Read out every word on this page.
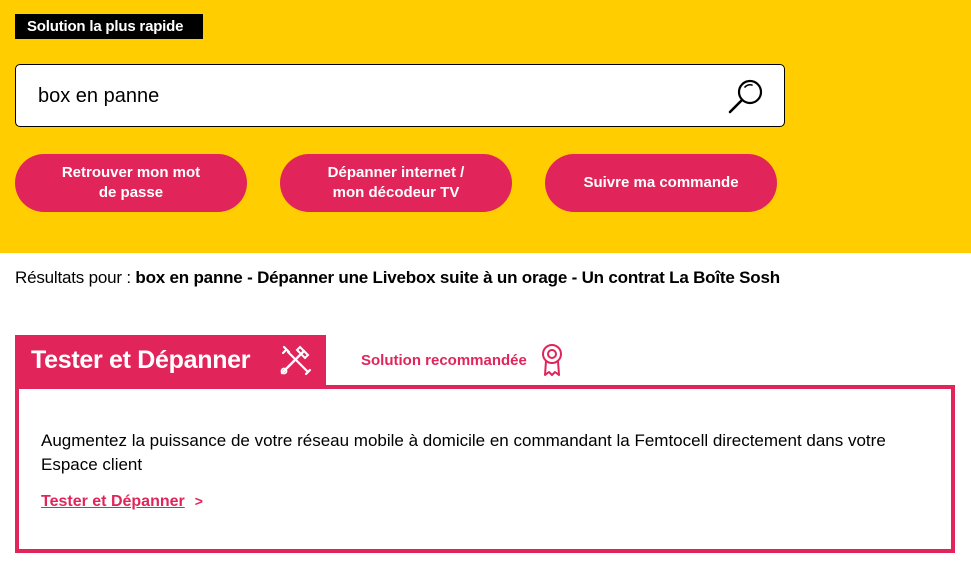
Solution la plus rapide
box en panne
Retrouver mon mot
de passe
Dépanner internet /
mon décodeur TV
Suivre ma commande
Résultats pour : box en panne - Dépanner une Livebox suite à un orage - Un contrat La Boîte Sosh
Tester et Dépanner	Solution recommandée
Augmentez la puissance de votre réseau mobile à domicile en commandant la Femtocell directement dans votre Espace client
Tester et Dépanner >
